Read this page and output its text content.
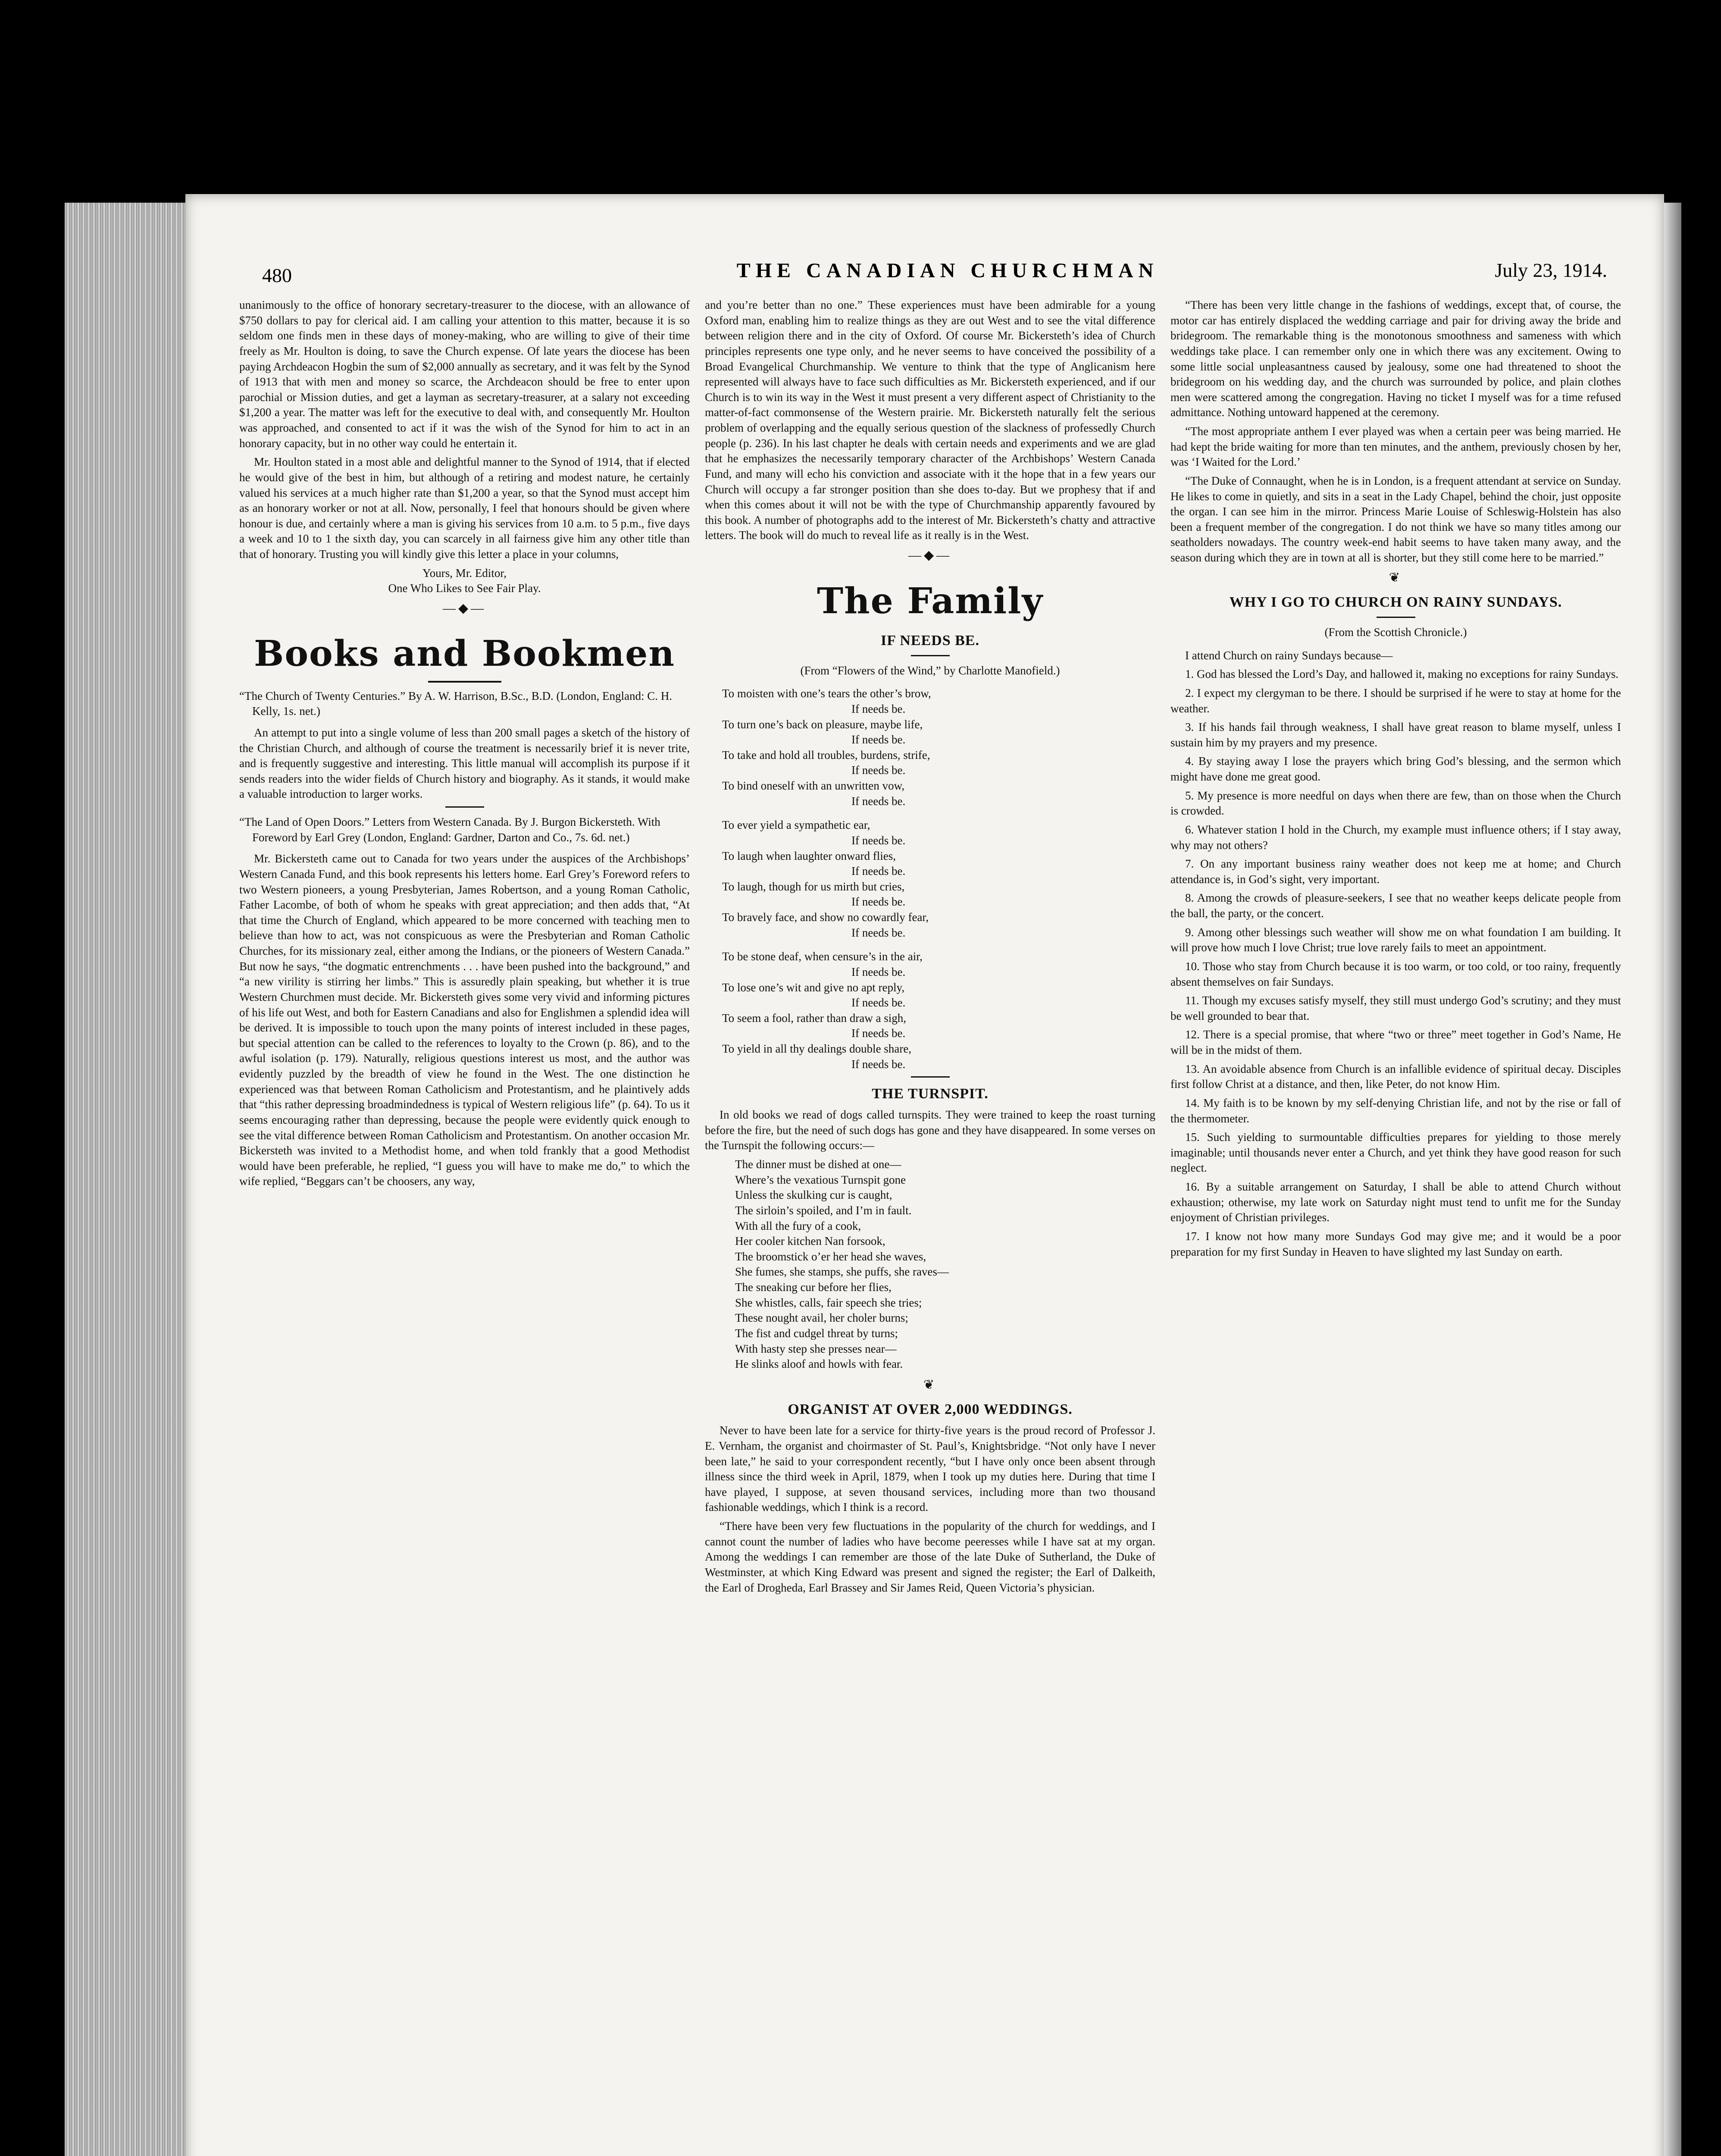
480	THE CANADIAN CHURCHMAN	July 23, 1914.

unanimously to the office of honorary secretary-treasurer to the diocese, with an allowance of $750 dollars to pay for clerical aid. I am calling your attention to this matter, because it is so seldom one finds men in these days of money-making, who are willing to give of their time freely as Mr. Houlton is doing, to save the Church expense. Of late years the diocese has been paying Archdeacon Hogbin the sum of $2,000 annually as secretary, and it was felt by the Synod of 1913 that with men and money so scarce, the Archdeacon should be free to enter upon parochial or Mission duties, and get a layman as secretary-treasurer, at a salary not exceeding $1,200 a year. The matter was left for the executive to deal with, and consequently Mr. Houlton was approached, and consented to act if it was the wish of the Synod for him to act in an honorary capacity, but in no other way could he entertain it.

Mr. Houlton stated in a most able and delightful manner to the Synod of 1914, that if elected he would give of the best in him, but although of a retiring and modest nature, he certainly valued his services at a much higher rate than $1,200 a year, so that the Synod must accept him as an honorary worker or not at all. Now, personally, I feel that honours should be given where honour is due, and certainly where a man is giving his services from 10 a.m. to 5 p.m., five days a week and 10 to 1 the sixth day, you can scarcely in all fairness give him any other title than that of honorary. Trusting you will kindly give this letter a place in your columns,

Yours, Mr. Editor,

One Who Likes to See Fair Play.

—◆—
Books and Bookmen

“The Church of Twenty Centuries.” By A. W. Harrison, B.Sc., B.D. (London, England: C. H. Kelly, 1s. net.)

An attempt to put into a single volume of less than 200 small pages a sketch of the history of the Christian Church, and although of course the treatment is necessarily brief it is never trite, and is frequently suggestive and interesting. This little manual will accomplish its purpose if it sends readers into the wider fields of Church history and biography. As it stands, it would make a valuable introduction to larger works.

“The Land of Open Doors.” Letters from Western Canada. By J. Burgon Bickersteth. With Foreword by Earl Grey (London, England: Gardner, Darton and Co., 7s. 6d. net.)

Mr. Bickersteth came out to Canada for two years under the auspices of the Archbishops’ Western Canada Fund, and this book represents his letters home. Earl Grey’s Foreword refers to two Western pioneers, a young Presbyterian, James Robertson, and a young Roman Catholic, Father Lacombe, of both of whom he speaks with great appreciation; and then adds that, “At that time the Church of England, which appeared to be more concerned with teaching men to believe than how to act, was not conspicuous as were the Presbyterian and Roman Catholic Churches, for its missionary zeal, either among the Indians, or the pioneers of Western Canada.” But now he says, “the dogmatic entrenchments . . . have been pushed into the background,” and “a new virility is stirring her limbs.” This is assuredly plain speaking, but whether it is true Western Churchmen must decide. Mr. Bickersteth gives some very vivid and informing pictures of his life out West, and both for Eastern Canadians and also for Englishmen a splendid idea will be derived. It is impossible to touch upon the many points of interest included in these pages, but special attention can be called to the references to loyalty to the Crown (p. 86), and to the awful isolation (p. 179). Naturally, religious questions interest us most, and the author was evidently puzzled by the breadth of view he found in the West. The one distinction he experienced was that between Roman Catholicism and Protestantism, and he plaintively adds that “this rather depressing broadmindedness is typical of Western religious life” (p. 64). To us it seems encouraging rather than depressing, because the people were evidently quick enough to see the vital difference between Roman Catholicism and Protestantism. On another occasion Mr. Bickersteth was invited to a Methodist home, and when told frankly that a good Methodist would have been preferable, he replied, “I guess you will have to make me do,” to which the wife replied, “Beggars can’t be choosers, any way,

and you’re better than no one.” These experiences must have been admirable for a young Oxford man, enabling him to realize things as they are out West and to see the vital difference between religion there and in the city of Oxford. Of course Mr. Bickersteth’s idea of Church principles represents one type only, and he never seems to have conceived the possibility of a Broad Evangelical Churchmanship. We venture to think that the type of Anglicanism here represented will always have to face such difficulties as Mr. Bickersteth experienced, and if our Church is to win its way in the West it must present a very different aspect of Christianity to the matter-of-fact commonsense of the Western prairie. Mr. Bickersteth naturally felt the serious problem of overlapping and the equally serious question of the slackness of professedly Church people (p. 236). In his last chapter he deals with certain needs and experiments and we are glad that he emphasizes the necessarily temporary character of the Archbishops’ Western Canada Fund, and many will echo his conviction and associate with it the hope that in a few years our Church will occupy a far stronger position than she does to-day. But we prophesy that if and when this comes about it will not be with the type of Churchmanship apparently favoured by this book. A number of photographs add to the interest of Mr. Bickersteth’s chatty and attractive letters. The book will do much to reveal life as it really is in the West.

—◆—
The Family
IF NEEDS BE.
(From “Flowers of the Wind,” by Charlotte Manofield.)
To moisten with one’s tears the other’s brow,
If needs be.
To turn one’s back on pleasure, maybe life,
If needs be.
To take and hold all troubles, burdens, strife,
If needs be.
To bind oneself with an unwritten vow,
If needs be.
To ever yield a sympathetic ear,
If needs be.
To laugh when laughter onward flies,
If needs be.
To laugh, though for us mirth but cries,
If needs be.
To bravely face, and show no cowardly fear,
If needs be.
To be stone deaf, when censure’s in the air,
If needs be.
To lose one’s wit and give no apt reply,
If needs be.
To seem a fool, rather than draw a sigh,
If needs be.
To yield in all thy dealings double share,
If needs be.
THE TURNSPIT.

In old books we read of dogs called turnspits. They were trained to keep the roast turning before the fire, but the need of such dogs has gone and they have disappeared. In some verses on the Turnspit the following occurs:—

The dinner must be dished at one—
Where’s the vexatious Turnspit gone
Unless the skulking cur is caught,
The sirloin’s spoiled, and I’m in fault.
With all the fury of a cook,
Her cooler kitchen Nan forsook,
The broomstick o’er her head she waves,
She fumes, she stamps, she puffs, she raves—
The sneaking cur before her flies,
She whistles, calls, fair speech she tries;
These nought avail, her choler burns;
The fist and cudgel threat by turns;
With hasty step she presses near—
He slinks aloof and howls with fear.
❦
ORGANIST AT OVER 2,000 WEDDINGS.

Never to have been late for a service for thirty-five years is the proud record of Professor J. E. Vernham, the organist and choirmaster of St. Paul’s, Knightsbridge. “Not only have I never been late,” he said to your correspondent recently, “but I have only once been absent through illness since the third week in April, 1879, when I took up my duties here. During that time I have played, I suppose, at seven thousand services, including more than two thousand fashionable weddings, which I think is a record.

“There have been very few fluctuations in the popularity of the church for weddings, and I cannot count the number of ladies who have become peeresses while I have sat at my organ. Among the weddings I can remember are those of the late Duke of Sutherland, the Duke of Westminster, at which King Edward was present and signed the register; the Earl of Dalkeith, the Earl of Drogheda, Earl Brassey and Sir James Reid, Queen Victoria’s physician.

“There has been very little change in the fashions of weddings, except that, of course, the motor car has entirely displaced the wedding carriage and pair for driving away the bride and bridegroom. The remarkable thing is the monotonous smoothness and sameness with which weddings take place. I can remember only one in which there was any excitement. Owing to some little social unpleasantness caused by jealousy, some one had threatened to shoot the bridegroom on his wedding day, and the church was surrounded by police, and plain clothes men were scattered among the congregation. Having no ticket I myself was for a time refused admittance. Nothing untoward happened at the ceremony.

“The most appropriate anthem I ever played was when a certain peer was being married. He had kept the bride waiting for more than ten minutes, and the anthem, previously chosen by her, was ‘I Waited for the Lord.’

“The Duke of Connaught, when he is in London, is a frequent attendant at service on Sunday. He likes to come in quietly, and sits in a seat in the Lady Chapel, behind the choir, just opposite the organ. I can see him in the mirror. Princess Marie Louise of Schleswig-Holstein has also been a frequent member of the congregation. I do not think we have so many titles among our seatholders nowadays. The country week-end habit seems to have taken many away, and the season during which they are in town at all is shorter, but they still come here to be married.”

❦
WHY I GO TO CHURCH ON RAINY SUNDAYS.
(From the Scottish Chronicle.)

I attend Church on rainy Sundays because—

1. God has blessed the Lord’s Day, and hallowed it, making no exceptions for rainy Sundays.

2. I expect my clergyman to be there. I should be surprised if he were to stay at home for the weather.

3. If his hands fail through weakness, I shall have great reason to blame myself, unless I sustain him by my prayers and my presence.

4. By staying away I lose the prayers which bring God’s blessing, and the sermon which might have done me great good.

5. My presence is more needful on days when there are few, than on those when the Church is crowded.

6. Whatever station I hold in the Church, my example must influence others; if I stay away, why may not others?

7. On any important business rainy weather does not keep me at home; and Church attendance is, in God’s sight, very important.

8. Among the crowds of pleasure-seekers, I see that no weather keeps delicate people from the ball, the party, or the concert.

9. Among other blessings such weather will show me on what foundation I am building. It will prove how much I love Christ; true love rarely fails to meet an appointment.

10. Those who stay from Church because it is too warm, or too cold, or too rainy, frequently absent themselves on fair Sundays.

11. Though my excuses satisfy myself, they still must undergo God’s scrutiny; and they must be well grounded to bear that.

12. There is a special promise, that where “two or three” meet together in God’s Name, He will be in the midst of them.

13. An avoidable absence from Church is an infallible evidence of spiritual decay. Disciples first follow Christ at a distance, and then, like Peter, do not know Him.

14. My faith is to be known by my self-denying Christian life, and not by the rise or fall of the thermometer.

15. Such yielding to surmountable difficulties prepares for yielding to those merely imaginable; until thousands never enter a Church, and yet think they have good reason for such neglect.

16. By a suitable arrangement on Saturday, I shall be able to attend Church without exhaustion; otherwise, my late work on Saturday night must tend to unfit me for the Sunday enjoyment of Christian privileges.

17. I know not how many more Sundays God may give me; and it would be a poor preparation for my first Sunday in Heaven to have slighted my last Sunday on earth.
